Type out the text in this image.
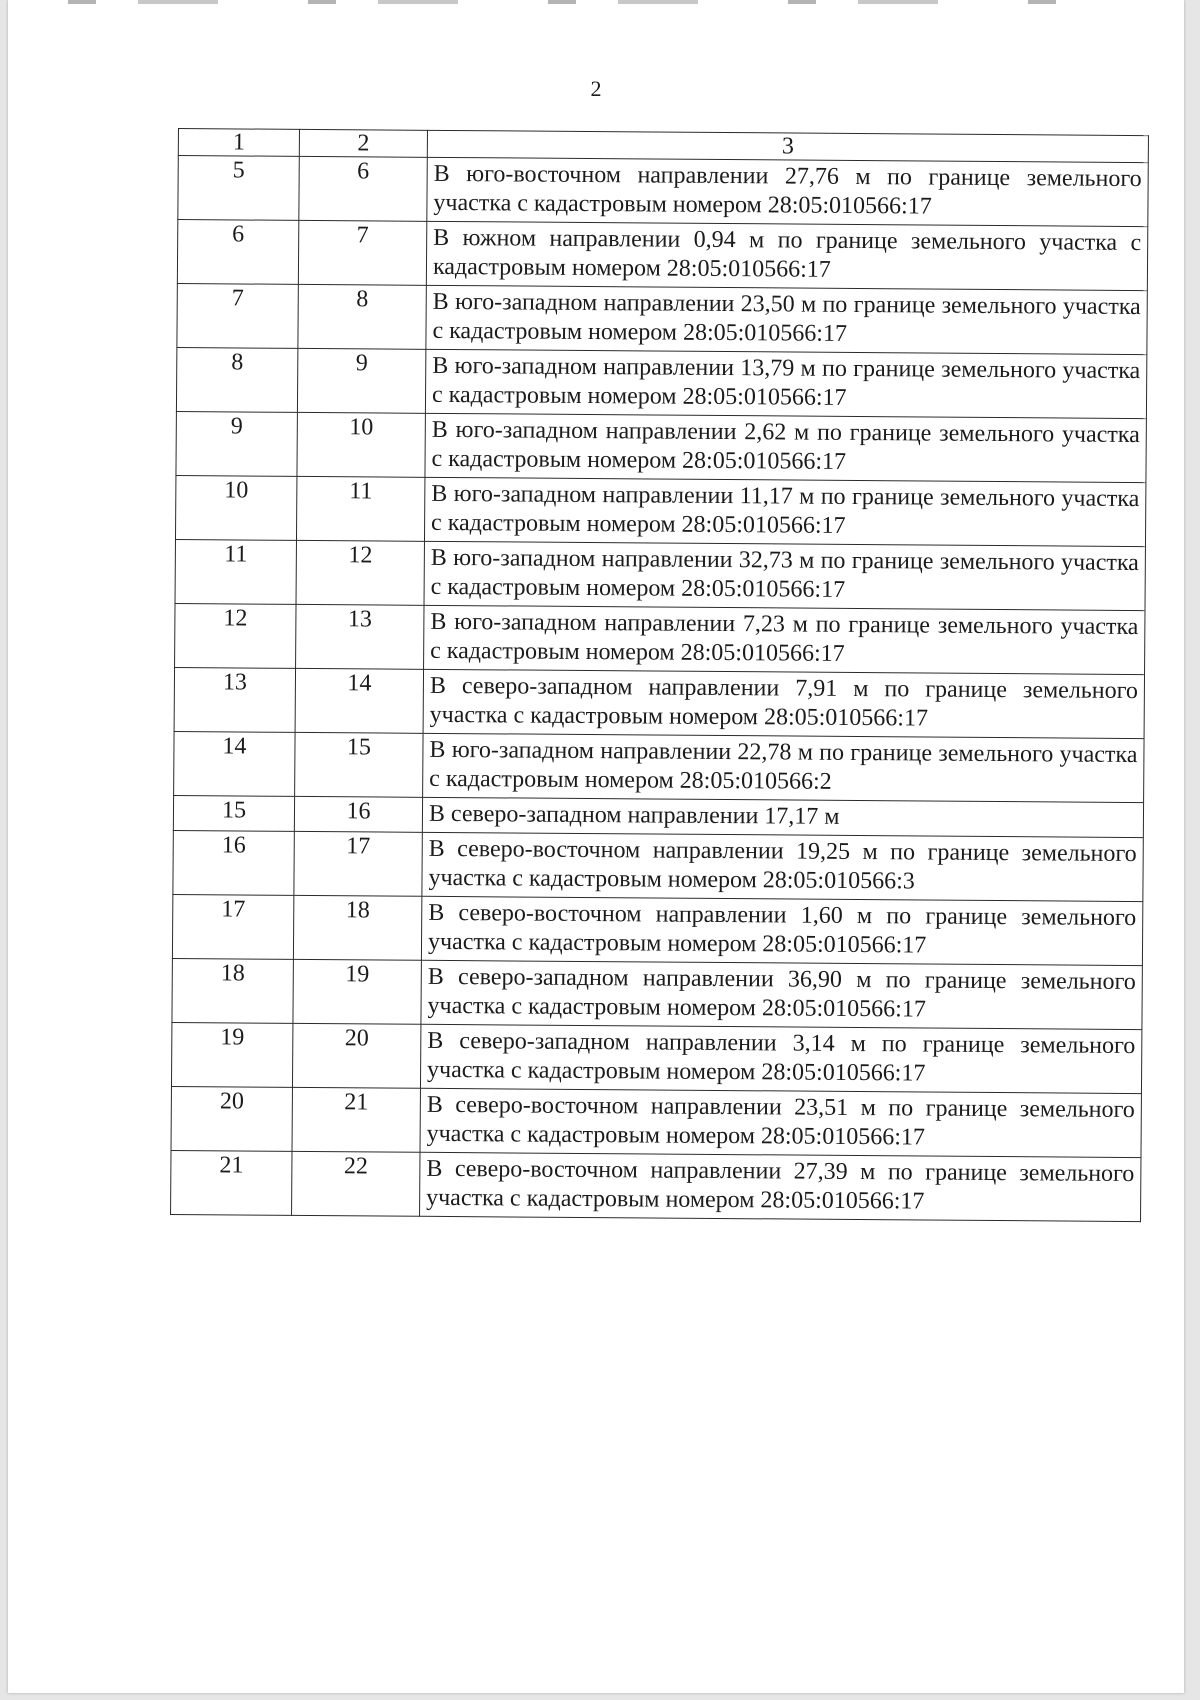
2
1	2	3
5	6	В юго-восточном направлении 27,76 м по границе земельного участка с кадастровым номером 28:05:010566:17
6	7	В южном направлении 0,94 м по границе земельного участка с кадастровым номером 28:05:010566:17
7	8	В юго-западном направлении 23,50 м по границе земельного участка с кадастровым номером 28:05:010566:17
8	9	В юго-западном направлении 13,79 м по границе земельного участка с кадастровым номером 28:05:010566:17
9	10	В юго-западном направлении 2,62 м по границе земельного участка с кадастровым номером 28:05:010566:17
10	11	В юго-западном направлении 11,17 м по границе земельного участка с кадастровым номером 28:05:010566:17
11	12	В юго-западном направлении 32,73 м по границе земельного участка с кадастровым номером 28:05:010566:17
12	13	В юго-западном направлении 7,23 м по границе земельного участка с кадастровым номером 28:05:010566:17
13	14	В северо-западном направлении 7,91 м по границе земельного участка с кадастровым номером 28:05:010566:17
14	15	В юго-западном направлении 22,78 м по границе земельного участка с кадастровым номером 28:05:010566:2
15	16	В северо-западном направлении 17,17 м
16	17	В северо-восточном направлении 19,25 м по границе земельного участка с кадастровым номером 28:05:010566:3
17	18	В северо-восточном направлении 1,60 м по границе земельного участка с кадастровым номером 28:05:010566:17
18	19	В северо-западном направлении 36,90 м по границе земельного участка с кадастровым номером 28:05:010566:17
19	20	В северо-западном направлении 3,14 м по границе земельного участка с кадастровым номером 28:05:010566:17
20	21	В северо-восточном направлении 23,51 м по границе земельного участка с кадастровым номером 28:05:010566:17
21	22	В северо-восточном направлении 27,39 м по границе земельного участка с кадастровым номером 28:05:010566:17
